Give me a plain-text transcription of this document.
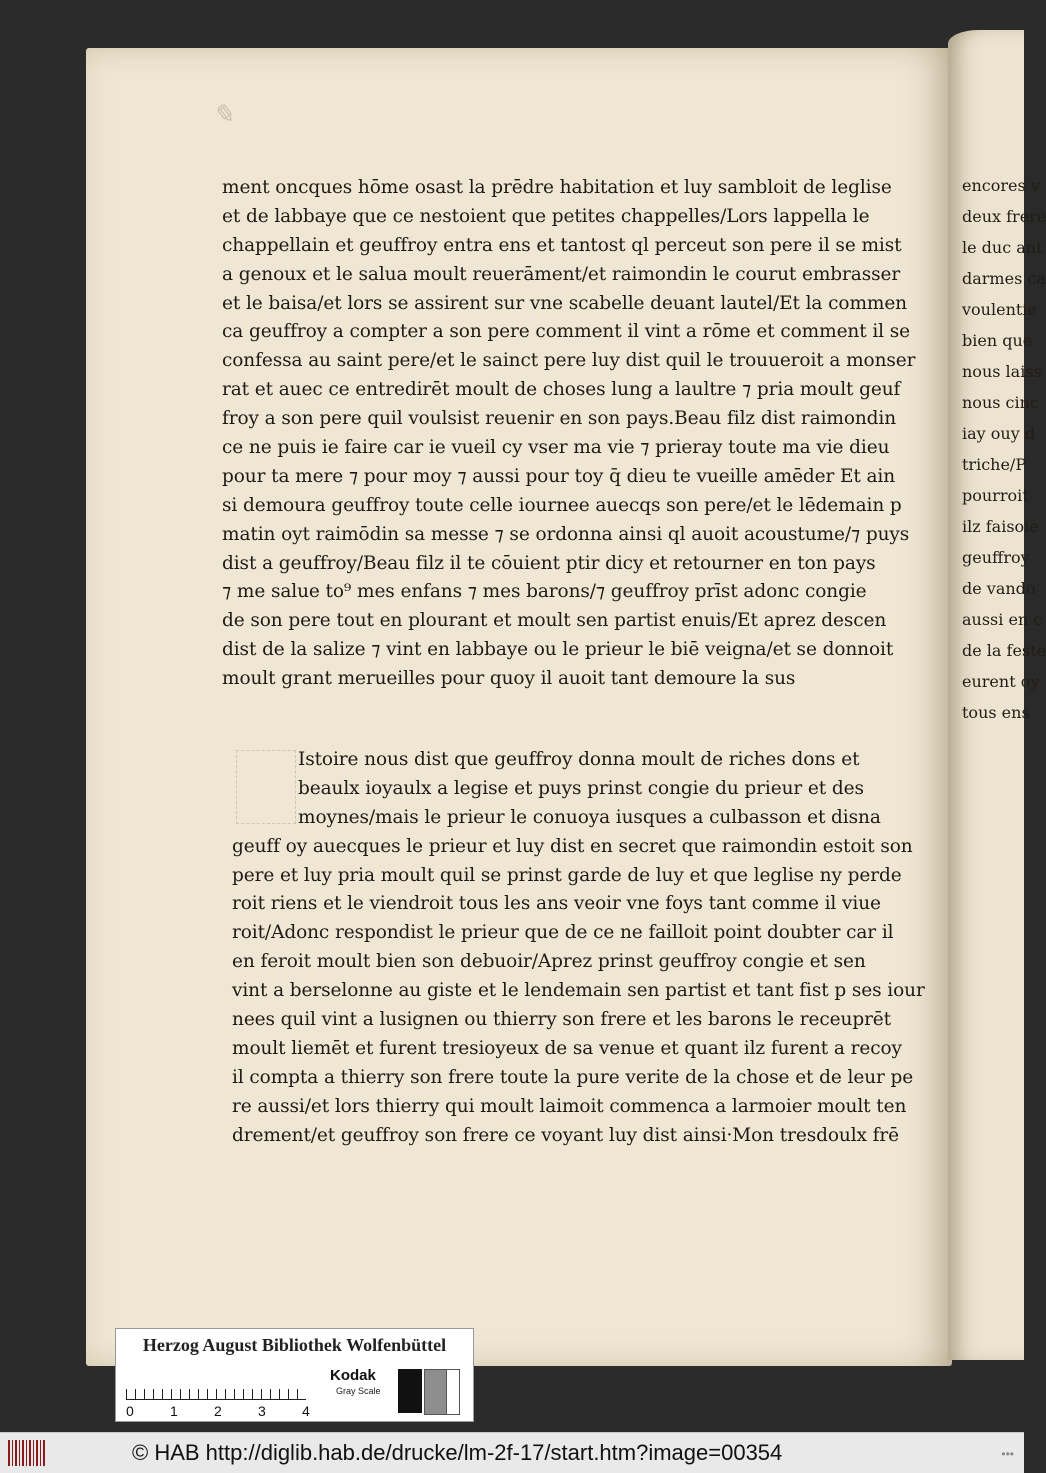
✎
ment oncques hōme osast la prēdre habitation et luy sambloit de leglise
et de labbaye que ce nestoient que petites chappelles/Lors lappella le
chappellain et geuffroy entra ens et tantost ql perceut son pere il se mist
a genoux et le salua moult reuerāment/et raimondin le courut embrasser
et le baisa/et lors se assirent sur vne scabelle deuant lautel/Et la commen
ca geuffroy a compter a son pere comment il vint a rōme et comment il se
confessa au saint pere/et le sainct pere luy dist quil le trouueroit a monser
rat et auec ce entredirēt moult de choses lung a laultre ⁊ pria moult geuf
froy a son pere quil voulsist reuenir en son pays.Beau filz dist raimondin
ce ne puis ie faire car ie vueil cy vser ma vie ⁊ prieray toute ma vie dieu
pour ta mere ⁊ pour moy ⁊ aussi pour toy q̄ dieu te vueille amēder Et ain
si demoura geuffroy toute celle iournee auecqs son pere/et le lēdemain p
matin oyt raimōdin sa messe ⁊ se ordonna ainsi ql auoit acoustume/⁊ puys
dist a geuffroy/Beau filz il te cōuient ptir dicy et retourner en ton pays
⁊ me salue to⁹ mes enfans ⁊ mes barons/⁊ geuffroy prīst adonc congie
de son pere tout en plourant et moult sen partist enuis/Et aprez descen
dist de la salize ⁊ vint en labbaye ou le prieur le biē veigna/et se donnoit
moult grant merueilles pour quoy il auoit tant demoure la sus
Istoire nous dist que geuffroy donna moult de riches dons et
beaulx ioyaulx a legise et puys prinst congie du prieur et des
moynes/mais le prieur le conuoya iusques a culbasson et disna
geuff oy auecques le prieur et luy dist en secret que raimondin estoit son
pere et luy pria moult quil se prinst garde de luy et que leglise ny perde
roit riens et le viendroit tous les ans veoir vne foys tant comme il viue
roit/Adonc respondist le prieur que de ce ne failloit point doubter car il
en feroit moult bien son debuoir/Aprez prinst geuffroy congie et sen
vint a berselonne au giste et le lendemain sen partist et tant fist p ses iour
nees quil vint a lusignen ou thierry son frere et les barons le receuprēt
moult liemēt et furent tresioyeux de sa venue et quant ilz furent a recoy
il compta a thierry son frere toute la pure verite de la chose et de leur pe
re aussi/et lors thierry qui moult laimoit commenca a larmoier moult ten
drement/et geuffroy son frere ce voyant luy dist ainsi·Mon tresdoulx frē
encores v
deux frere
le duc ant
darmes ca
voulentie
bien que
nous laiss
nous cinc
iay ouy d
triche/P
pourroit
ilz faisoie
geuffroy
de vando
aussi en c
de la feste
eurent oy
tous ens
Herzog August Bibliothek Wolfenbüttel
0	1	2	3	4
Kodak
Gray Scale
© HAB http://diglib.hab.de/drucke/lm-2f-17/start.htm?image=00354	•••
